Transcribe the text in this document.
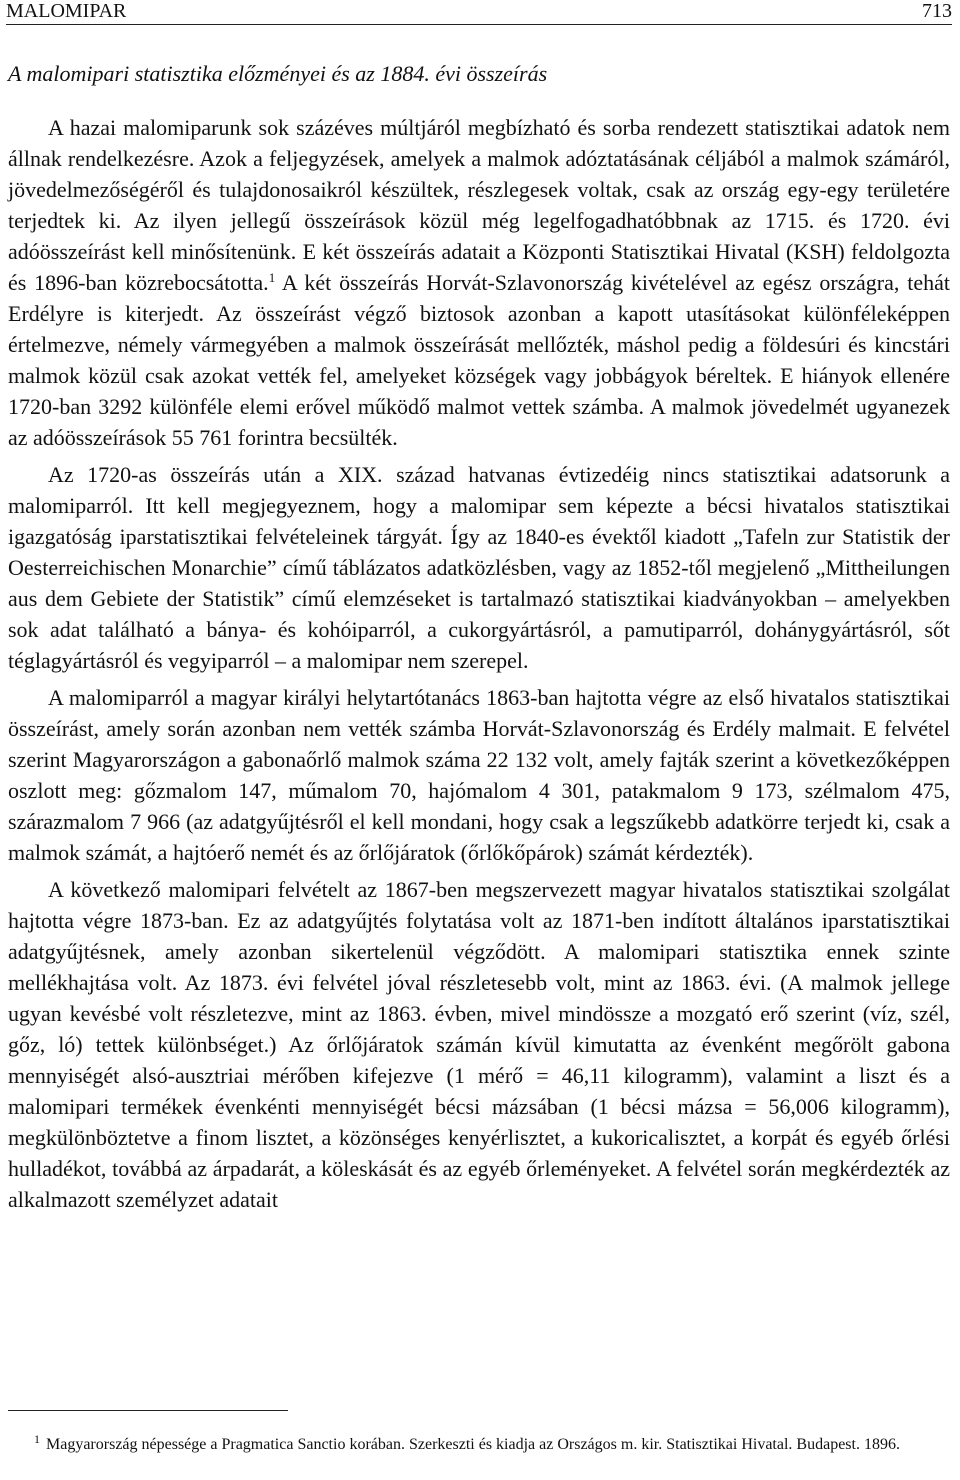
MALOMIPAR	713
A malomipari statisztika előzményei és az 1884. évi összeírás

A hazai malomiparunk sok százéves múltjáról megbízható és sorba rendezett statisztikai adatok nem állnak rendelkezésre. Azok a feljegyzések, amelyek a malmok adóztatásának céljából a malmok számáról, jövedelmezőségéről és tulajdonosaikról készültek, részlegesek voltak, csak az ország egy-egy területére terjedtek ki. Az ilyen jellegű összeírások közül még legelfogadhatóbbnak az 1715. és 1720. évi adóösszeírást kell minősítenünk. E két összeírás adatait a Központi Statisztikai Hivatal (KSH) feldolgozta és 1896-ban közrebocsátotta.$^1$ A két összeírás Horvát-Szlavonország kivételével az egész országra, tehát Erdélyre is kiterjedt. Az összeírást végző biztosok azonban a kapott utasításokat különféleképpen értelmezve, némely vármegyében a malmok összeírását mellőzték, máshol pedig a földesúri és kincstári malmok közül csak azokat vették fel, amelyeket községek vagy jobbágyok béreltek. E hiányok ellenére 1720-ban 3292 különféle elemi erővel működő malmot vettek számba. A malmok jövedelmét ugyanezek az adóösszeírások 55 761 forintra becsülték.

Az 1720-as összeírás után a XIX. század hatvanas évtizedéig nincs statisztikai adatsorunk a malomiparról. Itt kell megjegyeznem, hogy a malomipar sem képezte a bécsi hivatalos statisztikai igazgatóság iparstatisztikai felvételeinek tárgyát. Így az 1840-es évektől kiadott „Tafeln zur Statistik der Oesterreichischen Monarchie” című táblázatos adatközlésben, vagy az 1852-től megjelenő „Mittheilungen aus dem Gebiete der Statistik” című elemzéseket is tartalmazó statisztikai kiadványokban – amelyekben sok adat található a bánya- és kohóiparról, a cukorgyártásról, a pamutiparról, dohánygyártásról, sőt téglagyártásról és vegyiparról – a malomipar nem szerepel.

A malomiparról a magyar királyi helytartótanács 1863-ban hajtotta végre az első hivatalos statisztikai összeírást, amely során azonban nem vették számba Horvát-Szlavonország és Erdély malmait. E felvétel szerint Magyarországon a gabonaőrlő malmok száma 22 132 volt, amely fajták szerint a következőképpen oszlott meg: gőzmalom 147, műmalom 70, hajómalom 4 301, patakmalom 9 173, szélmalom 475, szárazmalom 7 966 (az adatgyűjtésről el kell mondani, hogy csak a legszűkebb adatkörre terjedt ki, csak a malmok számát, a hajtóerő nemét és az őrlőjáratok (őrlőkőpárok) számát kérdezték).

A következő malomipari felvételt az 1867-ben megszervezett magyar hivatalos statisztikai szolgálat hajtotta végre 1873-ban. Ez az adatgyűjtés folytatása volt az 1871-ben indított általános iparstatisztikai adatgyűjtésnek, amely azonban sikertelenül végződött. A malomipari statisztika ennek szinte mellékhajtása volt. Az 1873. évi felvétel jóval részletesebb volt, mint az 1863. évi. (A malmok jellege ugyan kevésbé volt részletezve, mint az 1863. évben, mivel mindössze a mozgató erő szerint (víz, szél, gőz, ló) tettek különbséget.) Az őrlőjáratok számán kívül kimutatta az évenként megőrölt gabona mennyiségét alsó-ausztriai mérőben kifejezve (1 mérő = 46,11 kilogramm), valamint a liszt és a malomipari termékek évenkénti mennyiségét bécsi mázsában (1 bécsi mázsa = 56,006 kilogramm), megkülönböztetve a finom lisztet, a közönséges kenyérlisztet, a kukoricalisztet, a korpát és egyéb őrlési hulladékot, továbbá az árpadarát, a köleskását és az egyéb őrleményeket. A felvétel során megkérdezték az alkalmazott személyzet adatait

$^1$ Magyarország népessége a Pragmatica Sanctio korában. Szerkeszti és kiadja az Országos m. kir. Statisztikai Hivatal. Budapest. 1896.
